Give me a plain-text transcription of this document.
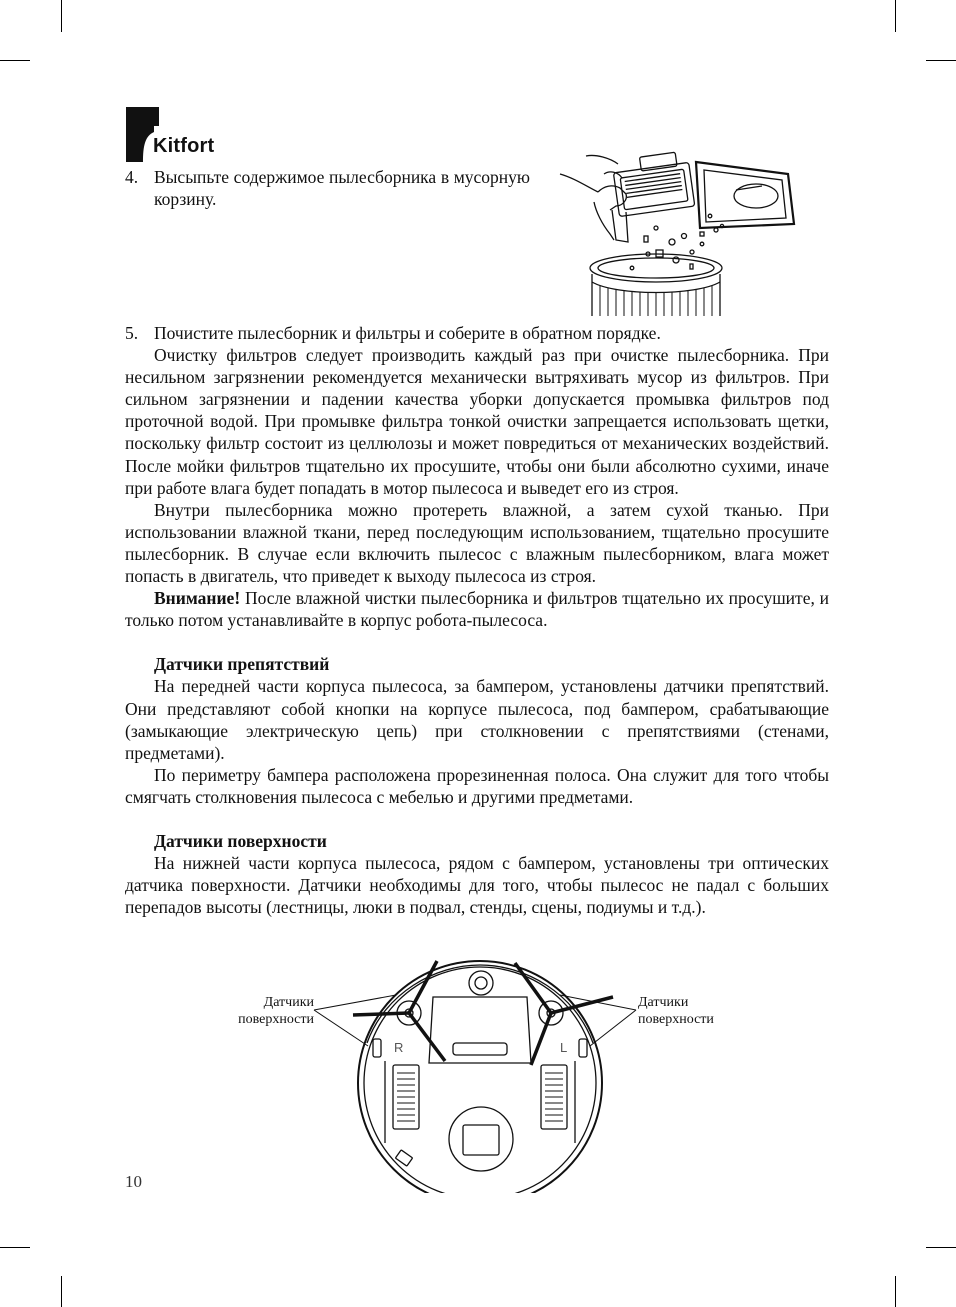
Kitfort
4. Высыпьте содержимое пылесборника в мусорную корзину.

5. Почистите пылесборник и фильтры и соберите в обратном порядке.

Очистку фильтров следует производить каждый раз при очистке пылесборника. При несильном загрязнении рекомендуется механически вытряхивать мусор из фильтров. При сильном загрязнении и падении качества уборки допускается промывка фильтров под проточной водой. При промывке фильтра тонкой очистки запрещается использовать щетки, поскольку фильтр состоит из целлюлозы и может повредиться от механических воздействий. После мойки фильтров тщательно их просушите, чтобы они были абсолютно сухими, иначе при работе влага будет попадать в мотор пылесоса и выведет его из строя.

Внутри пылесборника можно протереть влажной, а затем сухой тканью. При использовании влажной ткани, перед последующим использованием, тщательно просушите пылесборник. В случае если включить пылесос с влажным пылесборником, влага может попасть в двигатель, что приведет к выходу пылесоса из строя.

Внимание! После влажной чистки пылесборника и фильтров тщательно их просушите, и только потом устанавливайте в корпус робота-пылесоса.

Датчики препятствий

На передней части корпуса пылесоса, за бампером, установлены датчики препятствий. Они представляют собой кнопки на корпусе пылесоса, под бампером, срабатывающие (замыкающие электрическую цепь) при столкновении с препятствиями (стенами, предметами).

По периметру бампера расположена прорезиненная полоса. Она служит для того чтобы смягчать столкновения пылесоса с мебелью и другими предметами.

Датчики поверхности

На нижней части корпуса пылесоса, рядом с бампером, установлены три оптических датчика поверхности. Датчики необходимы для того, чтобы пылесос не падал с больших перепадов высоты (лестницы, люки в подвал, стенды, сцены, подиумы и т.д.).

R	L
Датчики
поверхности
Датчики
поверхности
10
